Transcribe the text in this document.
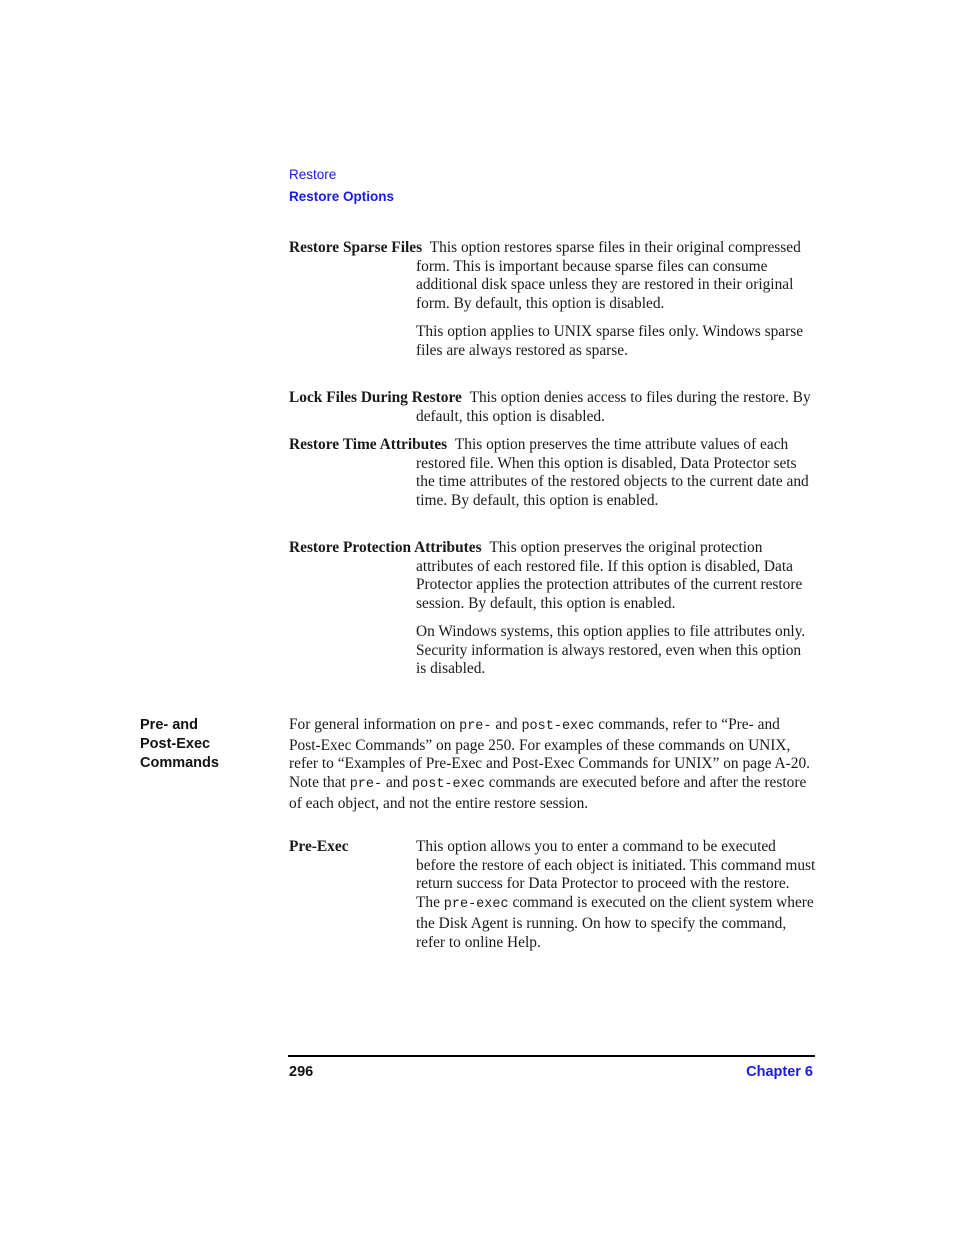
Restore
Restore Options

Restore Sparse Files This option restores sparse files in their original compressed form. This is important because sparse files can consume additional disk space unless they are restored in their original form. By default, this option is disabled.

This option applies to UNIX sparse files only. Windows sparse files are always restored as sparse.

Lock Files During Restore This option denies access to files during the restore. By default, this option is disabled.

Restore Time Attributes This option preserves the time attribute values of each restored file. When this option is disabled, Data Protector sets the time attributes of the restored objects to the current date and time. By default, this option is enabled.

Restore Protection Attributes This option preserves the original protection attributes of each restored file. If this option is disabled, Data Protector applies the protection attributes of the current restore session. By default, this option is enabled.

On Windows systems, this option applies to file attributes only. Security information is always restored, even when this option is disabled.

Pre- and
Post-Exec
Commands

For general information on pre- and post-exec commands, refer to “Pre- and Post-Exec Commands” on page 250. For examples of these commands on UNIX, refer to “Examples of Pre-Exec and Post-Exec Commands for UNIX” on page A-20. Note that pre- and post-exec commands are executed before and after the restore of each object, and not the entire restore session.

Pre-Exec	This option allows you to enter a command to be executed before the restore of each object is initiated. This command must return success for Data Protector to proceed with the restore. The pre-exec command is executed on the client system where the Disk Agent is running. On how to specify the command, refer to online Help.

296	Chapter 6
